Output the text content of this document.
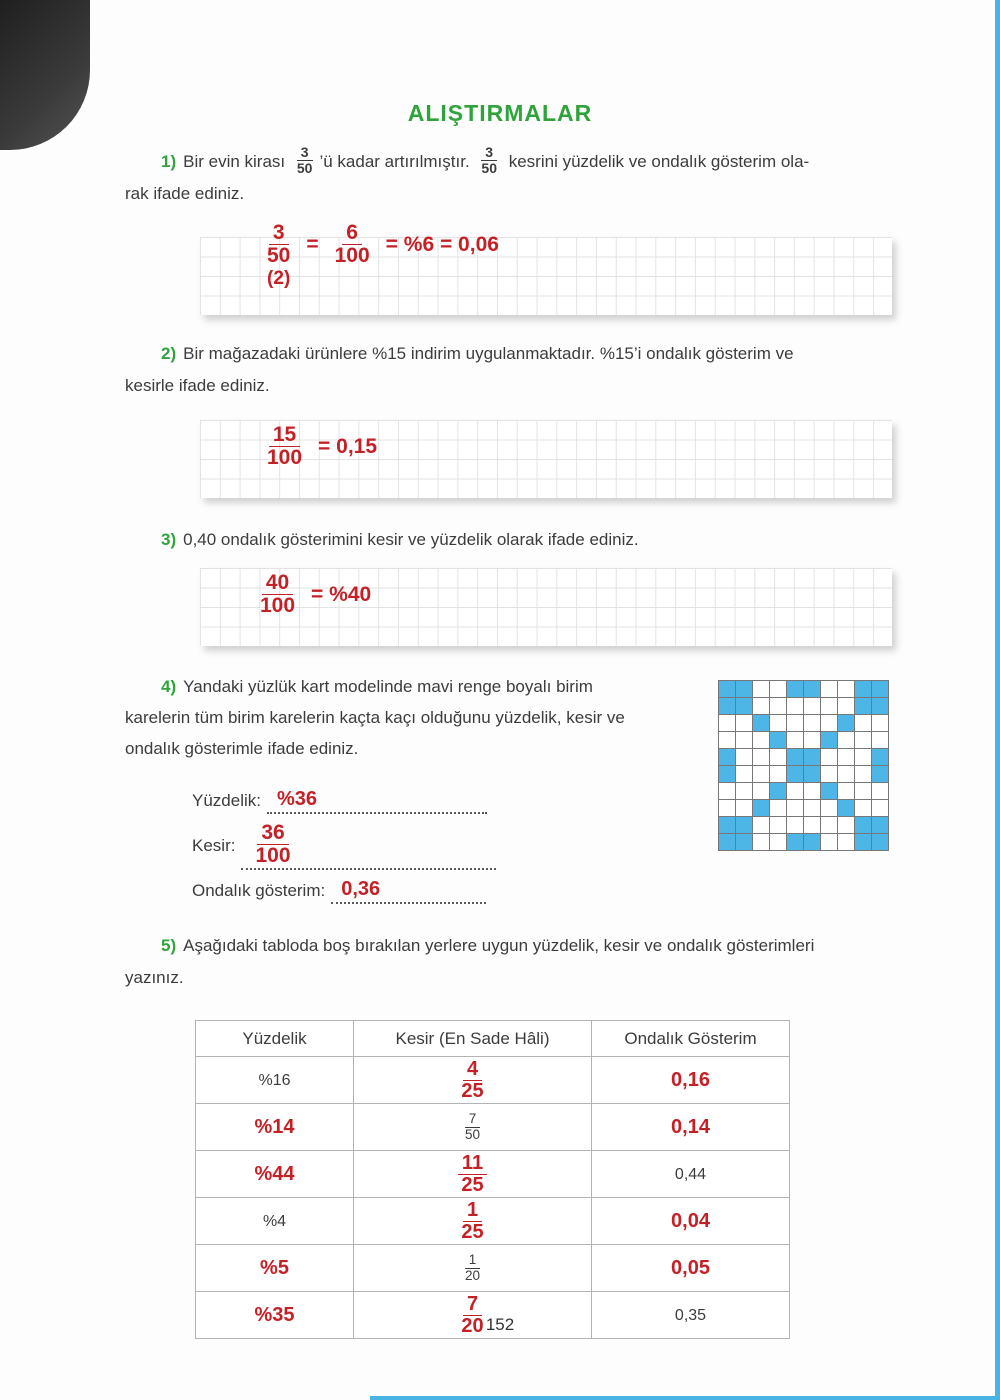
ALIŞTIRMALAR
1) Bir evin kirası $\frac{3}{50}$ ’ü kadar artırılmıştır. $\frac{3}{50}$ kesrini yüzdelik ve ondalık gösterim ola-
rak ifade ediniz.
$\frac{3}{50}$
(2)
= $\frac{6}{100} = \%6 = 0,06$
2) Bir mağazadaki ürünlere %15 indirim uygulanmaktadır. %15’i ondalık gösterim ve
kesirle ifade ediniz.
$\frac{15}{100} = 0,15$
3) 0,40 ondalık gösterimini kesir ve yüzdelik olarak ifade ediniz.
$\frac{40}{100} = \%40$
4) Yandaki yüzlük kart modelinde mavi renge boyalı birim
karelerin tüm birim karelerin kaçta kaçı olduğunu yüzdelik, kesir ve
ondalık gösterimle ifade ediniz.
Yüzdelik: %36
Kesir: $\frac{36}{100}$
Ondalık gösterim: 0,36
5) Aşağıdaki tabloda boş bırakılan yerlere uygun yüzdelik, kesir ve ondalık gösterimleri
yazınız.
Yüzdelik	Kesir (En Sade Hâli)	Ondalık Gösterim
%16	$\frac{4}{25}$	0,16
%14	$\frac{7}{50}$	0,14
%44	$\frac{11}{25}$	0,44
%4	$\frac{1}{25}$	0,04
%5	$\frac{1}{20}$	0,05
%35	$\frac{7}{20}$	0,35
152
